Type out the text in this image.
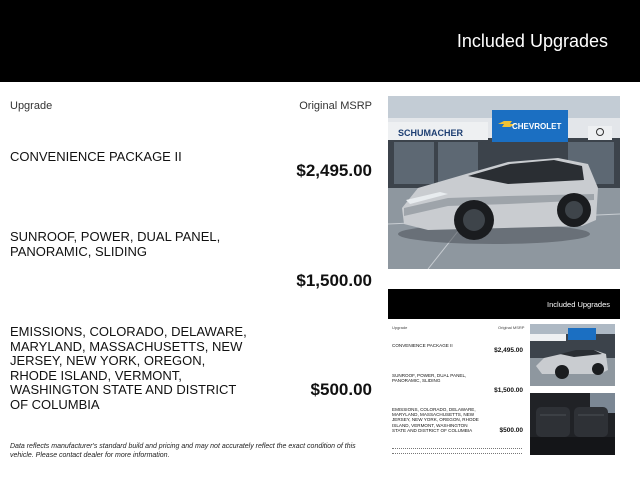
Included Upgrades
Upgrade	Original MSRP
CONVENIENCE PACKAGE II
$2,495.00
SUNROOF, POWER, DUAL PANEL, PANORAMIC, SLIDING
$1,500.00
EMISSIONS, COLORADO, DELAWARE, MARYLAND, MASSACHUSETTS, NEW JERSEY, NEW YORK, OREGON, RHODE ISLAND, VERMONT, WASHINGTON STATE AND DISTRICT OF COLUMBIA
$500.00
Data reflects manufacturer's standard build and pricing and may not accurately reflect the exact condition of this vehicle. Please contact dealer for more information.
SCHUMACHER
CHEVROLET
Included Upgrades
Upgrade	Original MSRP
CONVENIENCE PACKAGE II
$2,495.00
SUNROOF, POWER, DUAL PANEL, PANORAMIC, SLIDING
$1,500.00
EMISSIONS, COLORADO, DELAWARE, MARYLAND, MASSACHUSETTS, NEW JERSEY, NEW YORK, OREGON, RHODE ISLAND, VERMONT, WASHINGTON STATE AND DISTRICT OF COLUMBIA	$500.00
